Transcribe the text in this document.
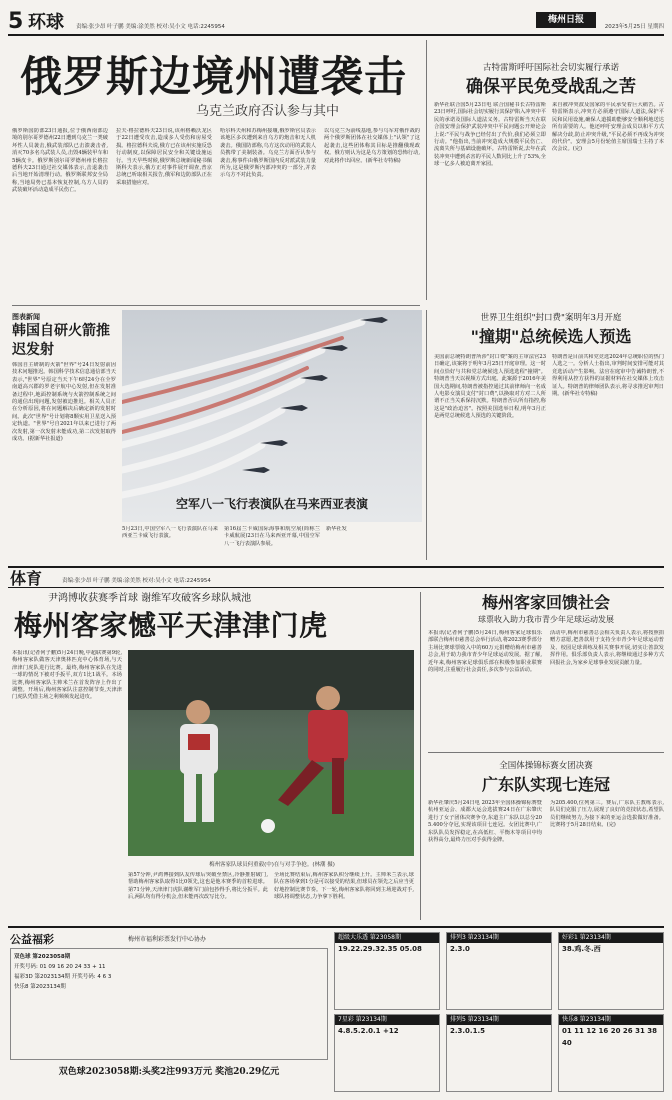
5 环球 责编:张少昂 叶子鹏 美编:涂美然 校对:吴小文 电话:2245954
梅州日报
2023年5月25日 星期四
俄罗斯边境州遭袭击
乌克兰政府否认参与其中
俄罗斯国防部23日通报,位于俄西南部边境的别尔哥罗德州22日遭到乌克兰一类破坏性人员袭击,俄武装部队已击溃袭击者,消灭70多名乌武装人员,击毁4辆装甲车和5辆皮卡。俄罗斯别尔哥罗德州州长格拉德科夫23日通过社交媒体表示,击退袭击后当地开始清理行动。俄罗斯联邦安全局称,当地局势已基本恢复控制,乌方人员的武装破坏活动造成平民伤亡。
拉夫·格拉德科夫23日说,该州格赖沃龙区于22日遭受攻击,造成多人受伤和房屋受损。格拉德科夫说,俄方已在该州实施反恐行动制度,以保障居民安全和关键设施运行。当天早些时候,俄罗斯总统新闻秘书佩斯科夫表示,俄方正对事件展开调查,普京总统已听取相关报告,俄军和边防部队正在采取措施应对。
哈尔科夫州和苏梅州接壤,俄罗斯官员表示该地区多次遭到来自乌方的炮击和无人机袭击。俄国防部称,乌方这次动用的武装人员携带了美制装备。乌克兰方面否认参与袭击,称事件由俄罗斯国内反对派武装力量所为,这是俄罗斯内部冲突的一部分,并表示乌方不对此负责。
以乌克兰为前线基地,参与乌军对俄作战的两个俄罗斯团体在社交媒体上"认领"了这起袭击,这些团体称其目标是推翻俄现政权。俄方则认为这是乌方策划的恐怖行动,对此将作出回应。(新华社专特稿)
古特雷斯呼吁国际社会切实履行承诺
确保平民免受战乱之苦
新华社联合国5月23日电 联合国秘书长古特雷斯23日呼吁,国际社会切实履行其保护陷入冲突中平民的承诺及国际人道法义务。古特雷斯当天在联合国安理会保护武装冲突中平民问题公开辩论会上说:"平民与战争已经付出了代价,我们必须立即行动。"他指出,当前冲突造成大规模平民伤亡、流离失所与基础设施破坏。古特雷斯说,去年在武装冲突中遭到杀害的平民人数同比上升了53%,全球一亿多人被迫离开家园。
来自被冲突波及国家的平民承受着巨大痛苦。古特雷斯表示,冲突方必须遵守国际人道法,保护平民和民用设施,确保人道援助能够安全顺利地送达所有需要的人。他还呼吁安理会成员以和平方式解决分歧,防止冲突升级,"平民必须不再成为冲突的代价"。安理会5月份轮值主席国瑞士主持了本次会议。(完)
图表新闻
韩国自研火箭推迟发射
韩国自主研制的火箭"世界"号24日发射前因技术问题推迟。韩国科学技术信息通信部当天表示,"世界"号原定当天下午6时24分在全罗南道高兴郡的罗老宇航中心发射,但在发射准备过程中,地面控制系统与火箭控制系统之间的通信出现问题,发射被迫推迟。相关人员正在分析原因,将在问题解决后确定新的发射时间。此次"世界"号计划将8颗实用卫星送入预定轨道。"世界"号自2021年以来已进行了两次发射,第一次发射未能成功,第二次发射取得成功。(据新华社报道)
空军八一飞行表演队在马来西亚表演
5月23日,中国空军八一飞行表演队在马来西亚兰卡威飞行表演。
第16届兰卡威国际海事和航空展(简称兰卡威航展)23日在马来西亚开幕,中国空军八一飞行表演队参展。
新华社发
世界卫生组织"封口费"案明年3月开庭
"撞期"总统候选人预选
美国前总统特朗普所涉"封口费"案的主审法官23日确定,该案将于明年3月25日开庭审理。这一时间点恰好与共和党总统候选人预选选程"撞期"。特朗普当天以视频方式出庭。此案源于2016年美国大选期间,特朗普被指控通过其前律师向一名成人电影女演员支付"封口费",以换取对方对二人所谓不正当关系保持沉默。特朗普否认所有指控,称这是"政治迫害"。按照美国选举日程,明年3月正是两党总统候选人预选的关键阶段。
特朗普是目前共和党竞选2024年总统职位的热门人选之一。分析人士指出,审判时间安排可能对其竞选活动产生影响。法官在庭审中告诫特朗普,不得利用从控方获得的证据材料在社交媒体上攻击证人。特朗普的律师团队表示,将寻求推迟审判日期。(新华社专特稿)
体育	责编:张少昂 叶子鹏 美编:涂美然 校对:吴小文 电话:2245954
尹鸿博收获赛季首球 谢维军攻破客乡球队城池
梅州客家憾平天津津门虎
本报讯(记者何子鹏)5月24日晚,中超联赛第9轮,梅州客家队做客天津奥林匹克中心体育场,与天津津门虎队进行比赛。最终,梅州客家队在先进一球的情况下被对手扳平,双方1比1战平。本场比赛,梅州客家队主帅米兰在首发阵容上作出了调整。开场后,梅州客家队注意控制节奏,天津津门虎队凭借主场之利频频发起进攻。
梅州客家队球员何重毅(中)在与对手争抢。(林潮 摄)
第57分钟,尹鸿博接到队友传球后突破至禁区,冷静推射破门,帮助梅州客家队取得1比0领先,这也是他本赛季的首粒进球。第71分钟,天津津门虎队谢维军门前包抄得手,将比分扳平。此后,两队均有得分机会,但未能再次改写比分。
全场比赛结束后,梅州客家队积分继续上升。主帅米兰表示,球队在客场拿到1分是可以接受的结果,但球员在领先之后应当更好地控制比赛节奏。下一轮,梅州客家队将回到主场迎战对手,球队将调整状态,力争拿下胜利。
梅州客家回馈社会
球票收入助力我市青少年足球运动发展
本报讯(记者何子鹏)5月24日,梅州客家足球俱乐部联合梅州市慈善总会举行活动,将2023赛季部分主场比赛球票收入中的60万元捐赠给梅州市慈善总会,用于助力我市青少年足球运动发展。据了解,近年来,梅州客家足球俱乐部在积极参加职业联赛的同时,注重履行社会责任,多次参与公益活动。
活动中,梅州市慈善总会相关负责人表示,将按照捐赠方意愿,把善款用于支持全市青少年足球运动普及、校园足球训练及相关赛事开展,切实让善款发挥作用。俱乐部负责人表示,将继续通过多种方式回报社会,为家乡足球事业发展贡献力量。
全国体操锦标赛女团决赛
广东队实现七连冠
新华社肇庆5月24日电 2023年全国体操锦标赛暨杭州亚运会、成都大运会选拔赛24日在广东肇庆进行了女子团体决赛争夺,东道主广东队以总分205.400分夺冠,实现该项目七连冠。女团比赛中,广东队队员发挥稳定,在高低杠、平衡木等项目中均获得高分,最终力压对手获得金牌。
为205.400,位列第三。赛后,广东队主教练表示,队员们克服了压力,展现了良好的竞技状态,希望队员们继续努力,为接下来的亚运会选拔做好准备。比赛将于5月28日结束。(完)
公益福彩	梅州市福利彩票发行中心协办
双色球 第2023058期
开奖号码: 01 09 16 20 24 33 + 11
福彩3D 第2023134期 开奖号码: 4 6 3
快乐8 第2023134期
双色球2023058期:头奖2注993万元 奖池20.29亿元
超级大乐透 第23058期
19.22.29.32.35 05.08
排列3 第23134期
2.3.0
好彩1 第23134期
38.鸡.冬.西
7星彩 第23134期
4.8.5.2.0.1 +12
排列5 第23134期
2.3.0.1.5
快乐8 第23134期
01 11 12 16 20 26 31 38 40
